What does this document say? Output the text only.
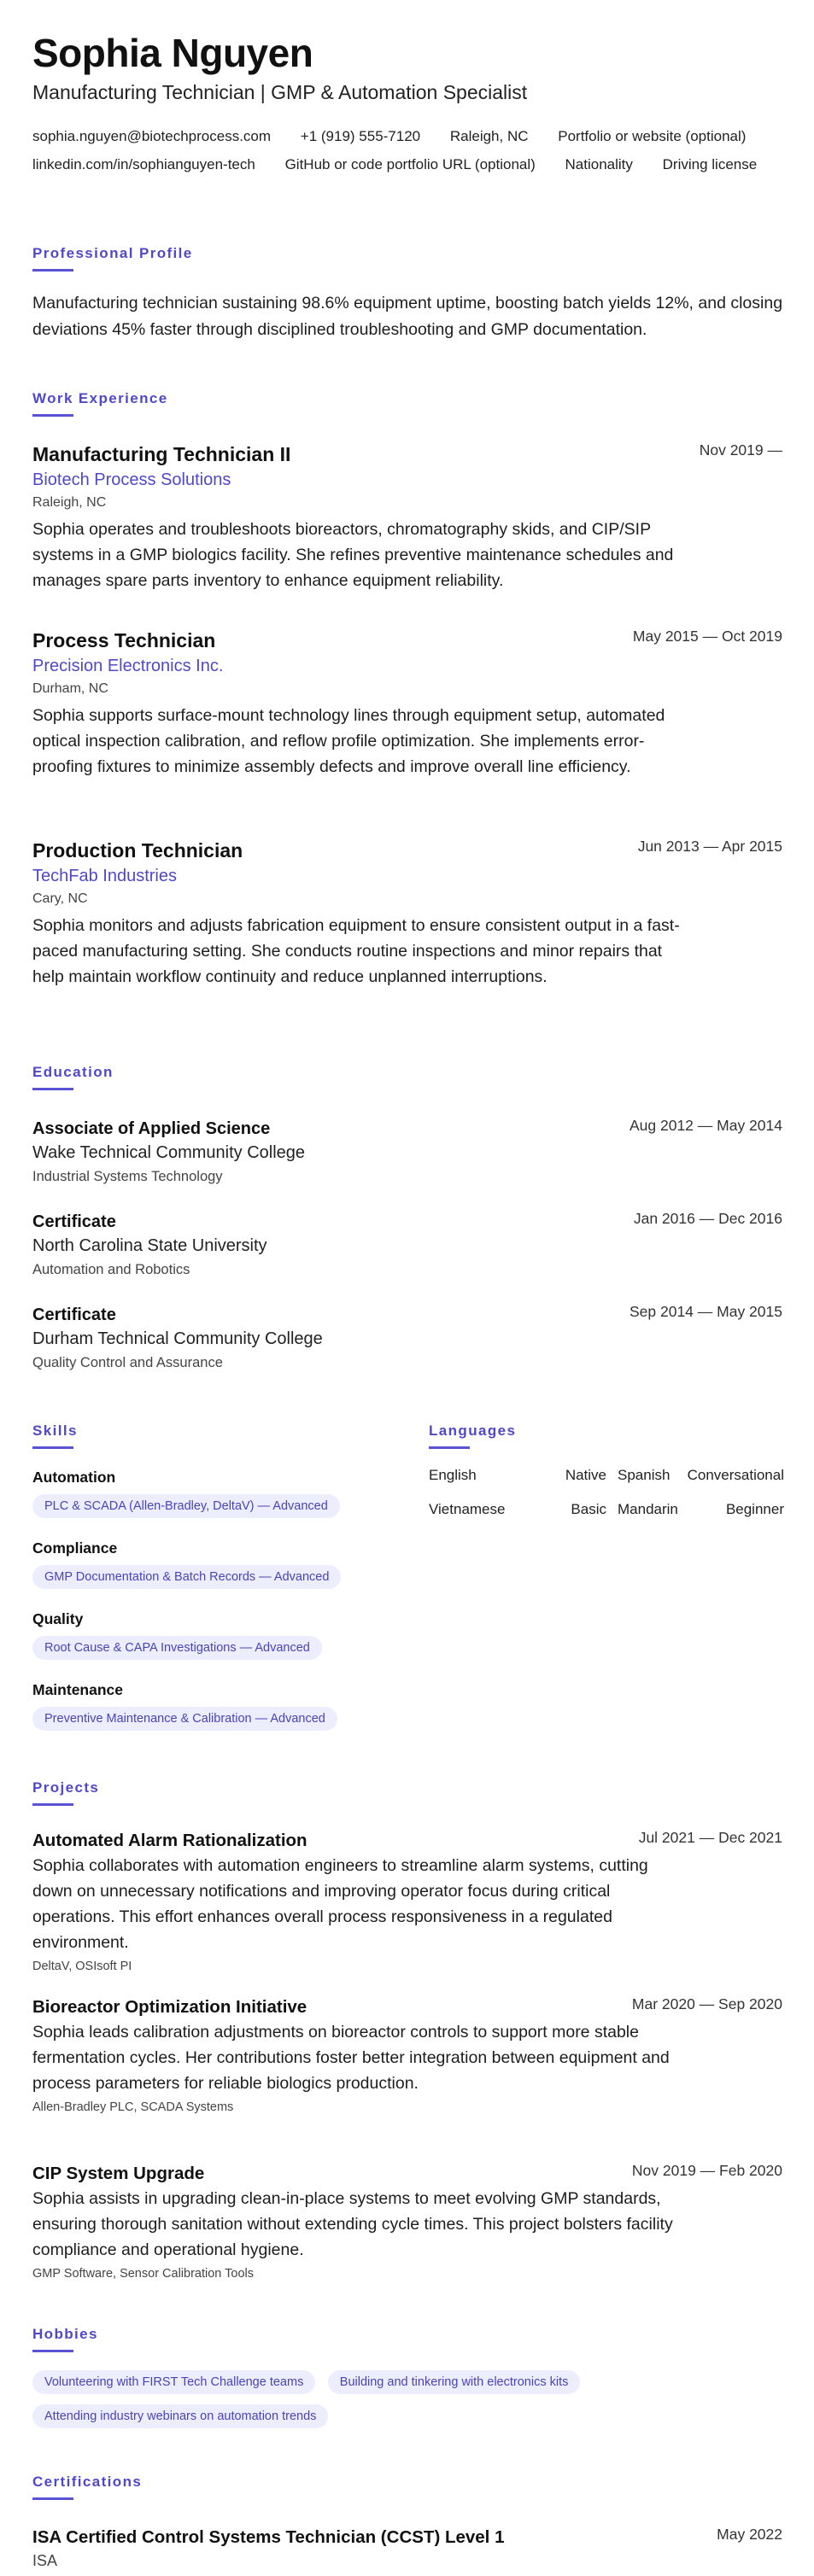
Sophia Nguyen
Manufacturing Technician | GMP & Automation Specialist
sophia.nguyen@biotechprocess.com +1 (919) 555-7120 Raleigh, NC Portfolio or website (optional) linkedin.com/in/sophianguyen-tech GitHub or code portfolio URL (optional) Nationality Driving license
Professional Profile
Manufacturing technician sustaining 98.6% equipment uptime, boosting batch yields 12%, and closing deviations 45% faster through disciplined troubleshooting and GMP documentation.
Work Experience
Nov 2019 —
Manufacturing Technician II
Biotech Process Solutions
Raleigh, NC
Sophia operates and troubleshoots bioreactors, chromatography skids, and CIP/SIP systems in a GMP biologics facility. She refines preventive maintenance schedules and manages spare parts inventory to enhance equipment reliability.
May 2015 — Oct 2019
Process Technician
Precision Electronics Inc.
Durham, NC
Sophia supports surface-mount technology lines through equipment setup, automated optical inspection calibration, and reflow profile optimization. She implements error-proofing fixtures to minimize assembly defects and improve overall line efficiency.
Jun 2013 — Apr 2015
Production Technician
TechFab Industries
Cary, NC
Sophia monitors and adjusts fabrication equipment to ensure consistent output in a fast-paced manufacturing setting. She conducts routine inspections and minor repairs that help maintain workflow continuity and reduce unplanned interruptions.
Education
Aug 2012 — May 2014
Associate of Applied Science
Wake Technical Community College
Industrial Systems Technology
Jan 2016 — Dec 2016
Certificate
North Carolina State University
Automation and Robotics
Sep 2014 — May 2015
Certificate
Durham Technical Community College
Quality Control and Assurance
Skills
Automation
PLC & SCADA (Allen-Bradley, DeltaV) — Advanced
Compliance
GMP Documentation & Batch Records — Advanced
Quality
Root Cause & CAPA Investigations — Advanced
Maintenance
Preventive Maintenance & Calibration — Advanced
Languages
English	Native Spanish Conversational
Vietnamese	Basic Mandarin	Beginner
Projects
Jul 2021 — Dec 2021
Automated Alarm Rationalization
Sophia collaborates with automation engineers to streamline alarm systems, cutting down on unnecessary notifications and improving operator focus during critical operations. This effort enhances overall process responsiveness in a regulated environment.
DeltaV, OSIsoft PI
Mar 2020 — Sep 2020
Bioreactor Optimization Initiative
Sophia leads calibration adjustments on bioreactor controls to support more stable fermentation cycles. Her contributions foster better integration between equipment and process parameters for reliable biologics production.
Allen-Bradley PLC, SCADA Systems
Nov 2019 — Feb 2020
CIP System Upgrade
Sophia assists in upgrading clean-in-place systems to meet evolving GMP standards, ensuring thorough sanitation without extending cycle times. This project bolsters facility compliance and operational hygiene.
GMP Software, Sensor Calibration Tools
Hobbies
Volunteering with FIRST Tech Challenge teams	Building and tinkering with electronics kits Attending industry webinars on automation trends
Certifications
May 2022
ISA Certified Control Systems Technician (CCST) Level 1
ISA
